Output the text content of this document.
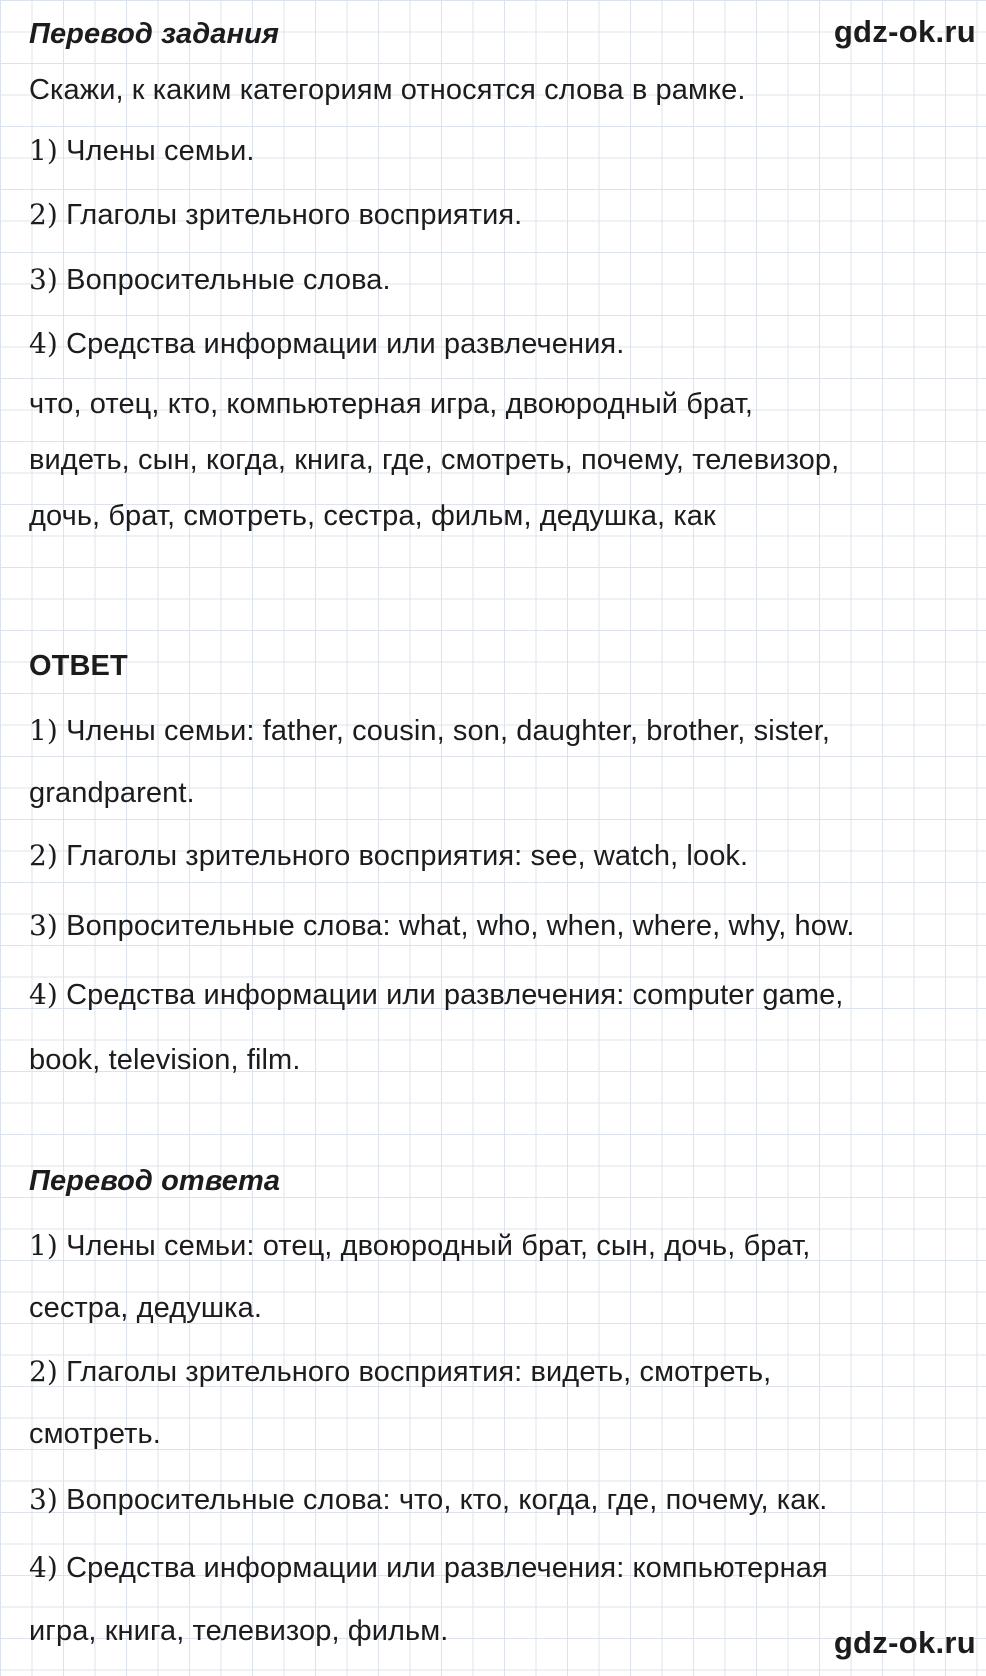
gdz-ok.ru
gdz-ok.ru
Перевод задания
Скажи, к каким категориям относятся слова в рамке.
1) Члены семьи.
2) Глаголы зрительного восприятия.
3) Вопросительные слова.
4) Средства информации или развлечения.
что, отец, кто, компьютерная игра, двоюродный брат,
видеть, сын, когда, книга, где, смотреть, почему, телевизор,
дочь, брат, смотреть, сестра, фильм, дедушка, как
ОТВЕТ
1) Члены семьи: father, cousin, son, daughter, brother, sister,
grandparent.
2) Глаголы зрительного восприятия: see, watch, look.
3) Вопросительные слова: what, who, when, where, why, how.
4) Средства информации или развлечения: computer game,
book, television, film.
Перевод ответа
1) Члены семьи: отец, двоюродный брат, сын, дочь, брат,
сестра, дедушка.
2) Глаголы зрительного восприятия: видеть, смотреть,
смотреть.
3) Вопросительные слова: что, кто, когда, где, почему, как.
4) Средства информации или развлечения: компьютерная
игра, книга, телевизор, фильм.
